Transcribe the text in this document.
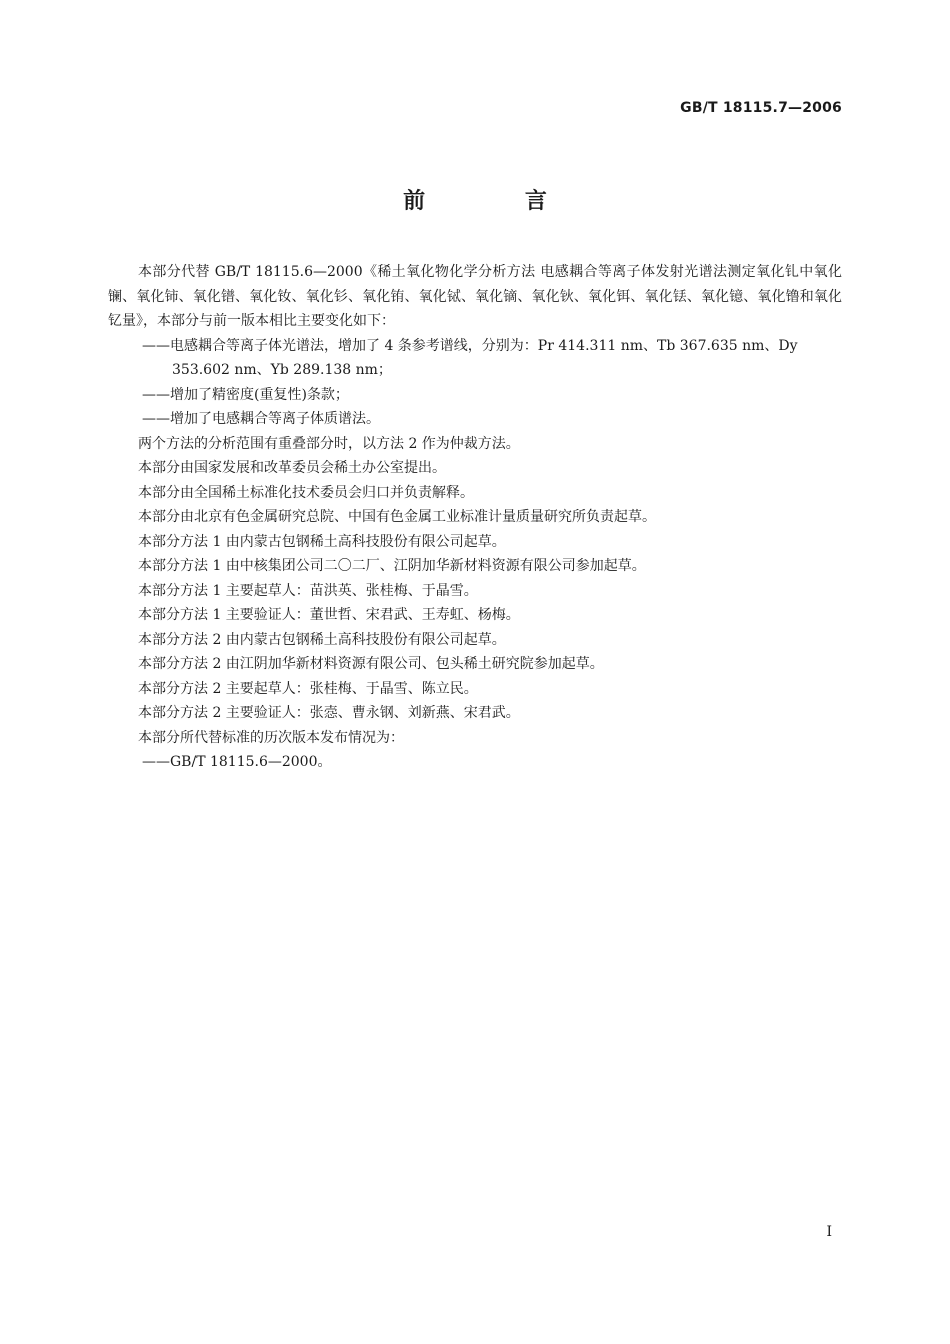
GB/T 18115.7—2006
前 言

本部分代替 GB/T 18115.6—2000《稀土氧化物化学分析方法 电感耦合等离子体发射光谱法测定氧化钆中氧化镧、氧化铈、氧化镨、氧化钕、氧化钐、氧化铕、氧化铽、氧化镝、氧化钬、氧化铒、氧化铥、氧化镱、氧化镥和氧化钇量》，本部分与前一版本相比主要变化如下：

——电感耦合等离子体光谱法，增加了 4 条参考谱线，分别为：Pr 414.311 nm、Tb 367.635 nm、Dy 353.602 nm、Yb 289.138 nm；

——增加了精密度(重复性)条款；

——增加了电感耦合等离子体质谱法。

两个方法的分析范围有重叠部分时，以方法 2 作为仲裁方法。

本部分由国家发展和改革委员会稀土办公室提出。

本部分由全国稀土标准化技术委员会归口并负责解释。

本部分由北京有色金属研究总院、中国有色金属工业标准计量质量研究所负责起草。

本部分方法 1 由内蒙古包钢稀土高科技股份有限公司起草。

本部分方法 1 由中核集团公司二〇二厂、江阴加华新材料资源有限公司参加起草。

本部分方法 1 主要起草人：苗洪英、张桂梅、于晶雪。

本部分方法 1 主要验证人：董世哲、宋君武、王寿虹、杨梅。

本部分方法 2 由内蒙古包钢稀土高科技股份有限公司起草。

本部分方法 2 由江阴加华新材料资源有限公司、包头稀土研究院参加起草。

本部分方法 2 主要起草人：张桂梅、于晶雪、陈立民。

本部分方法 2 主要验证人：张悫、曹永钢、刘新燕、宋君武。

本部分所代替标准的历次版本发布情况为：

——GB/T 18115.6—2000。

I
